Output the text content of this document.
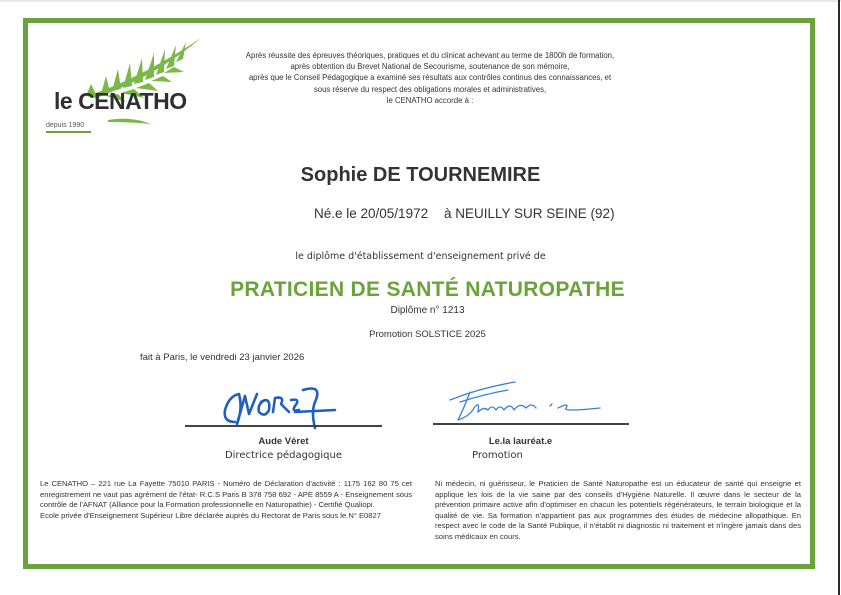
le CENATHO
depuis 1990
Après réussite des épreuves théoriques, pratiques et du clinicat achevant au terme de 1800h de formation,
après obtention du Brevet National de Secourisme, soutenance de son mémoire,
après que le Conseil Pédagogique a examiné ses résultats aux contrôles continus des connaissances, et
sous réserve du respect des obligations morales et administratives,
le CENATHO accorde à :
Sophie DE TOURNEMIRE
Né.e le 20/05/1972 à NEUILLY SUR SEINE (92)
le diplôme d'établissement d'enseignement privé de
PRATICIEN DE SANTÉ NATUROPATHE
Diplôme n° 1213
Promotion SOLSTICE 2025
fait à Paris, le vendredi 23 janvier 2026
Aude Véret
Directrice pédagogique
Le.la lauréat.e
Promotion

Le CENATHO – 221 rue La Fayette 75010 PARIS - Numéro de Déclaration d'activité : 1175 162 80 75 cet enregistrement ne vaut pas agrément de l'état- R.C.S Paris B 378 758 692 - APE 8559 A - Enseignement sous contrôle de l'AFNAT (Alliance pour la Formation professionnelle en Naturopathie) - Certifié Qualiopi.

Ecole privée d'Enseignement Supérieur Libre déclarée auprès du Rectorat de Paris sous le N° E0827

Ni médecin, ni guérisseur, le Praticien de Santé Naturopathe est un éducateur de santé qui enseigne et applique les lois de la vie saine par des conseils d'Hygiène Naturelle. Il œuvre dans le secteur de la prévention primaire active afin d'optimiser en chacun les potentiels régénérateurs, le terrain biologique et la qualité de vie. Sa formation n'appartient pas aux programmes des études de médecine allopathique. En respect avec le code de la Santé Publique, il n'établit ni diagnostic ni traitement et n'ingère jamais dans des soins médicaux en cours.
